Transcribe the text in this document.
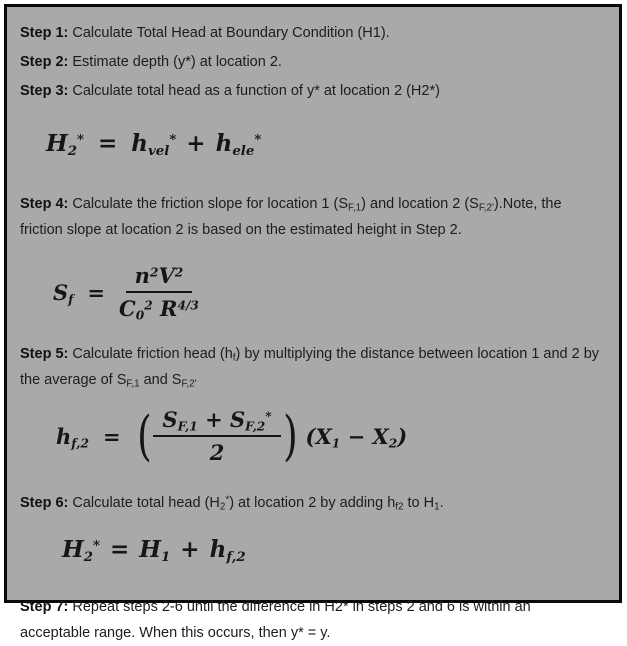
Step 1: Calculate Total Head at Boundary Condition (H1).

Step 2: Estimate depth (y*) at location 2.

Step 3: Calculate total head as a function of y* at location 2 (H2*)

$H_2^* = h_{vel}^* + h_{ele}^*$

Step 4: Calculate the friction slope for location 1 $(S_{F,1})$ and location 2 $(S_{F,2'}).Note$, the friction slope at location 2 is based on the estimated height in Step 2.

$S_f = \frac{n^2V^2}{C_0^2 R^{4/3}}$

Step 5: Calculate friction head $(h_f)$ by multiplying the distance between location 1 and 2 by the average of $S_{F,1}$ and $S_{F,2'}$

$h_{f,2}$ = ( $\frac{S_{F,1} + S_{F,2}^*}{2}$ ) $(X_1 - X_2)$

Step 6: Calculate total head $(H_2^*)$ at location 2 by adding $h_{f2}$ to $H_1$.

$H_2^* = H_1 + h_{f,2}$

Step 7: Repeat steps 2-6 until the difference in H2* in steps 2 and 6 is within an acceptable range. When this occurs, then y* = y.
